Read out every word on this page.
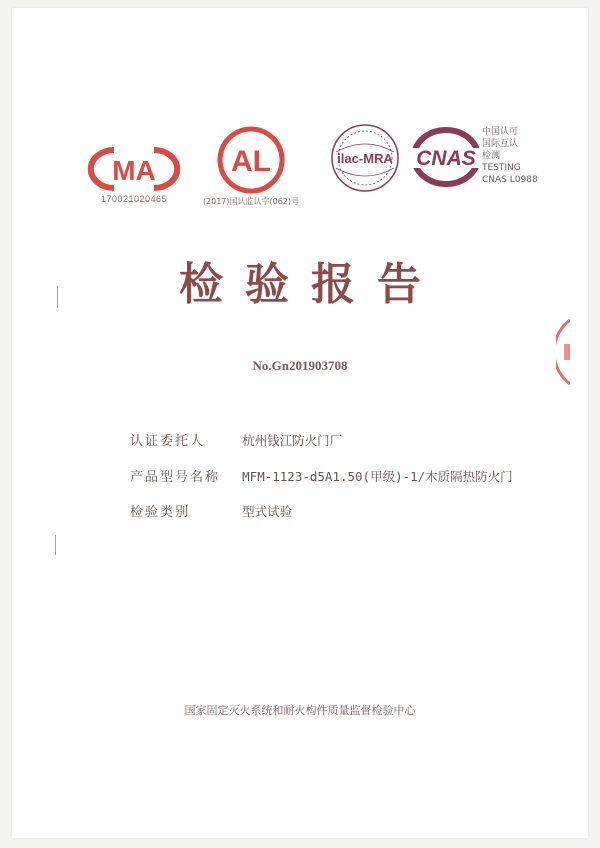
MA
170021020465
AL
(2017)国认监认字(062)号
ilac-MRA CNAS
中国认可
国际互认
检测
TESTING
CNAS L0988
检验报告
No.Gn201903708
认证委托人	杭州钱江防火门厂
产品型号名称 MFM-1123-d5A1.50(甲级)-1/木质隔热防火门
检验类别	型式试验
国家固定灭火系统和耐火构件质量监督检验中心
